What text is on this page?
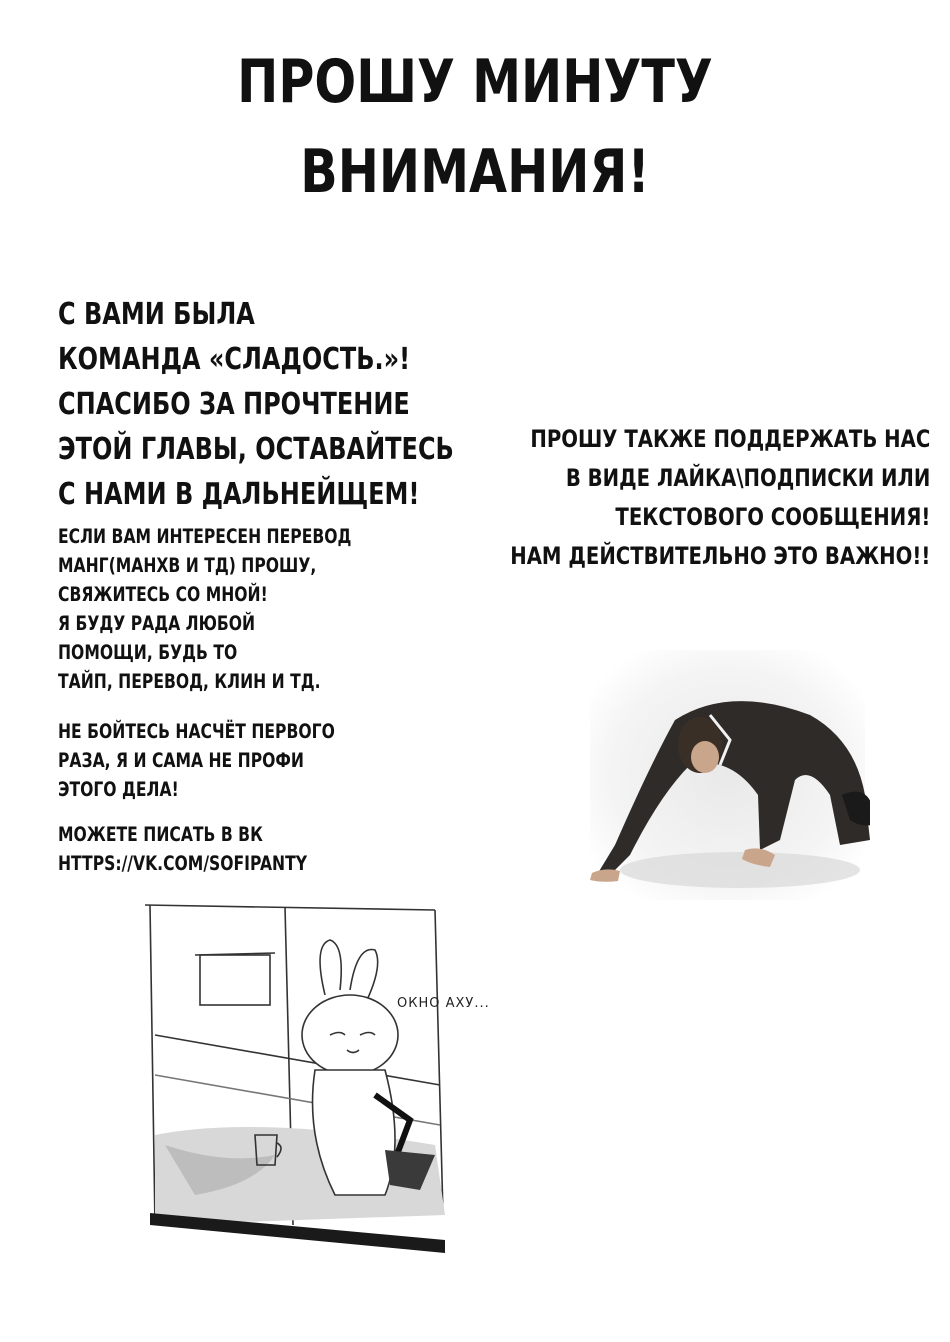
ПРОШУ МИНУТУ
ВНИМАНИЯ!
С ВАМИ БЫЛА
КОМАНДА «СЛАДОСТЬ.»!
СПАСИБО ЗА ПРОЧТЕНИЕ
ЭТОЙ ГЛАВЫ, ОСТАВАЙТЕСЬ
С НАМИ В ДАЛЬНЕЙЩЕМ!
ЕСЛИ ВАМ ИНТЕРЕСЕН ПЕРЕВОД
МАНГ(МАНХВ И ТД) ПРОШУ,
СВЯЖИТЕСЬ СО МНОЙ!
Я БУДУ РАДА ЛЮБОЙ
ПОМОЩИ, БУДЬ ТО
ТАЙП, ПЕРЕВОД, КЛИН И ТД.
НЕ БОЙТЕСЬ НАСЧЁТ ПЕРВОГО
РАЗА, Я И САМА НЕ ПРОФИ
ЭТОГО ДЕЛА!
МОЖЕТЕ ПИСАТЬ В ВК
HTTPS://VK.COM/SOFIPANTY
ПРОШУ ТАКЖЕ ПОДДЕРЖАТЬ НАС
В ВИДЕ ЛАЙКА\ПОДПИСКИ ИЛИ
ТЕКСТОВОГО СООБЩЕНИЯ!
НАМ ДЕЙСТВИТЕЛЬНО ЭТО ВАЖНО!!
ОКНО АХУ...
